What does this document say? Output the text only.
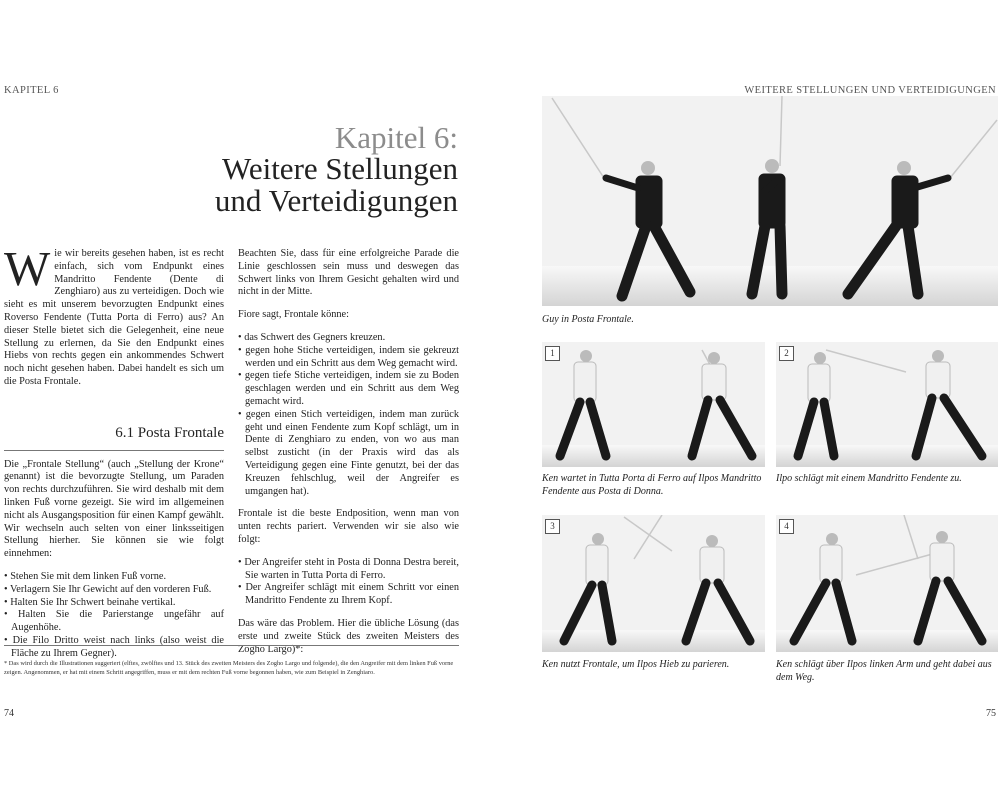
KAPITEL 6	WEITERE STELLUNGEN UND VERTEIDIGUNGEN
Kapitel 6:
Weitere Stellungen
und Verteidigungen

Wie wir bereits gesehen haben, ist es recht einfach, sich vom Endpunkt eines Mandritto Fendente (Dente di Zenghiaro) aus zu verteidigen. Doch wie sieht es mit unserem bevorzugten Endpunkt eines Roverso Fendente (Tutta Porta di Ferro) aus? An dieser Stelle bietet sich die Gelegenheit, eine neue Stellung zu erlernen, da Sie den Endpunkt eines Hiebs von rechts gegen ein ankommendes Schwert noch nicht gesehen haben. Dabei handelt es sich um die Posta Frontale.

6.1 Posta Frontale

Die „Frontale Stellung“ (auch „Stellung der Krone“ genannt) ist die bevorzugte Stellung, um Paraden von rechts durchzuführen. Sie wird deshalb mit dem linken Fuß vorne gezeigt. Sie wird im allgemeinen nicht als Ausgangsposition für einen Kampf gewählt. Wir wechseln auch selten von einer linksseitigen Stellung hierher. Sie können sie wie folgt einnehmen:

• Stehen Sie mit dem linken Fuß vorne.
• Verlagern Sie Ihr Gewicht auf den vorderen Fuß.
• Halten Sie Ihr Schwert beinahe vertikal.
• Halten Sie die Parierstange ungefähr auf Augenhöhe.
• Die Filo Dritto weist nach links (also weist die Fläche zu Ihrem Gegner).

Beachten Sie, dass für eine erfolgreiche Parade die Linie geschlossen sein muss und deswegen das Schwert links von Ihrem Gesicht gehalten wird und nicht in der Mitte.

Fiore sagt, Frontale könne:

• das Schwert des Gegners kreuzen.
• gegen hohe Stiche verteidigen, indem sie gekreuzt werden und ein Schritt aus dem Weg gemacht wird.
• gegen tiefe Stiche verteidigen, indem sie zu Boden geschlagen werden und ein Schritt aus dem Weg gemacht wird.
• gegen einen Stich verteidigen, indem man zurück geht und einen Fendente zum Kopf schlägt, um in Dente di Zenghiaro zu enden, von wo aus man selbst zusticht (in der Praxis wird das als Verteidigung gegen eine Finte genutzt, bei der das Kreuzen fehlschlug, weil der Angreifer es umgangen hat).

Frontale ist die beste Endposition, wenn man von unten rechts pariert. Verwenden wir sie also wie folgt:

• Der Angreifer steht in Posta di Donna Destra bereit, Sie warten in Tutta Porta di Ferro.
• Der Angreifer schlägt mit einem Schritt vor einen Mandritto Fendente zu Ihrem Kopf.

Das wäre das Problem. Hier die übliche Lösung (das erste und zweite Stück des zweiten Meisters des Zogho Largo)*:

* Das wird durch die Illustrationen suggeriert (elftes, zwölftes und 13. Stück des zweiten Meisters des Zogho Largo und folgende), die den Angreifer mit dem linken Fuß vorne zeigen. Angenommen, er hat mit einem Schritt angegriffen, muss er mit dem rechten Fuß vorne begonnen haben, wie zum Beispiel in Zenghiaro.
74	75
Guy in Posta Frontale.
1
Ken wartet in Tutta Porta di Ferro auf Ilpos Mandritto Fendente aus Posta di Donna.
2
Ilpo schlägt mit einem Mandritto Fendente zu.
3
Ken nutzt Frontale, um Ilpos Hieb zu parieren.
4
Ken schlägt über Ilpos linken Arm und geht dabei aus dem Weg.
